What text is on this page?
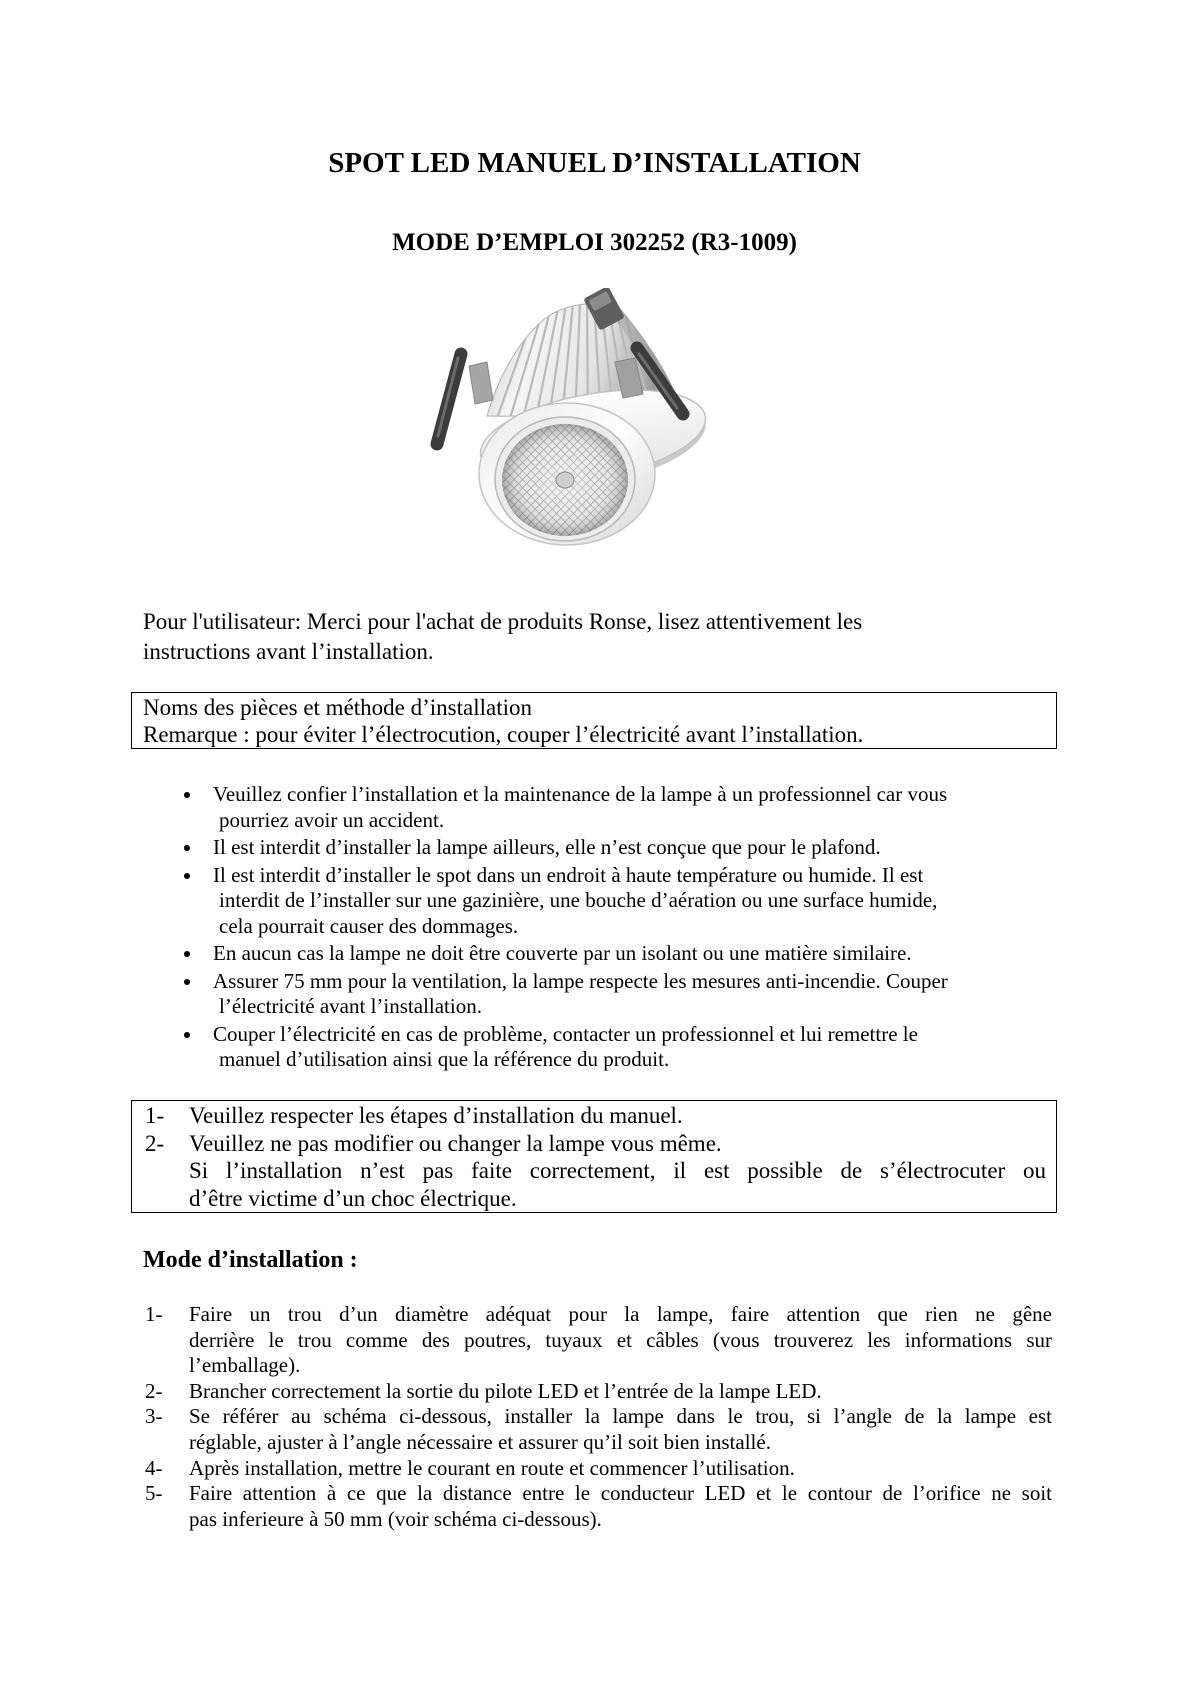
SPOT LED MANUEL D’INSTALLATION
MODE D’EMPLOI 302252 (R3-1009)
Pour l'utilisateur: Merci pour l'achat de produits Ronse, lisez attentivement les
instructions avant l’installation.
Noms des pièces et méthode d’installation
Remarque : pour éviter l’électrocution, couper l’électricité avant l’installation.
Veuillez confier l’installation et la maintenance de la lampe à un professionnel car vous
pourriez avoir un accident.
Il est interdit d’installer la lampe ailleurs, elle n’est conçue que pour le plafond.
Il est interdit d’installer le spot dans un endroit à haute température ou humide. Il est
interdit de l’installer sur une gazinière, une bouche d’aération ou une surface humide,
cela pourrait causer des dommages.
En aucun cas la lampe ne doit être couverte par un isolant ou une matière similaire.
Assurer 75 mm pour la ventilation, la lampe respecte les mesures anti-incendie. Couper
l’électricité avant l’installation.
Couper l’électricité en cas de problème, contacter un professionnel et lui remettre le
manuel d’utilisation ainsi que la référence du produit.
1- Veuillez respecter les étapes d’installation du manuel.
2- Veuillez ne pas modifier ou changer la lampe vous même.
Si l’installation n’est pas faite correctement, il est possible de s’électrocuter ou
d’être victime d’un choc électrique.
Mode d’installation :
1- Faire un trou d’un diamètre adéquat pour la lampe, faire attention que rien ne gêne
derrière le trou comme des poutres, tuyaux et câbles (vous trouverez les informations sur
l’emballage).
2- Brancher correctement la sortie du pilote LED et l’entrée de la lampe LED.
3- Se référer au schéma ci-dessous, installer la lampe dans le trou, si l’angle de la lampe est
réglable, ajuster à l’angle nécessaire et assurer qu’il soit bien installé.
4- Après installation, mettre le courant en route et commencer l’utilisation.
5- Faire attention à ce que la distance entre le conducteur LED et le contour de l’orifice ne soit
pas inferieure à 50 mm (voir schéma ci-dessous).
